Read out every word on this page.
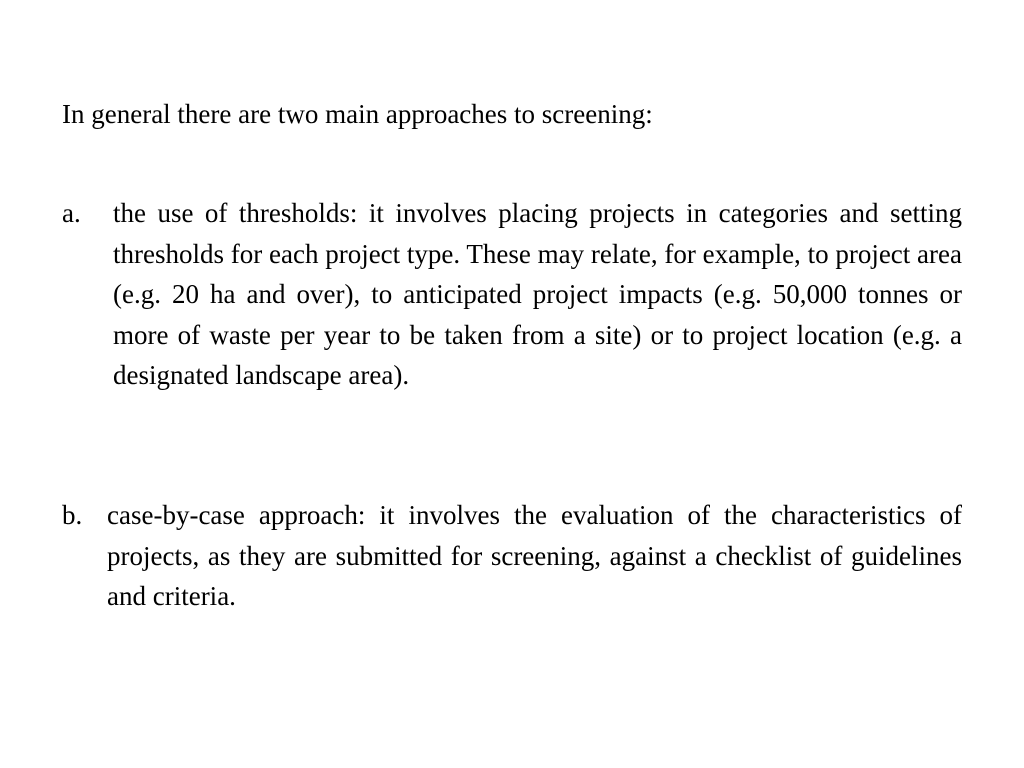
In general there are two main approaches to screening:

a. the use of thresholds: it involves placing projects in categories and setting thresholds for each project type. These may relate, for example, to project area (e.g. 20 ha and over), to anticipated project impacts (e.g. 50,000 tonnes or more of waste per year to be taken from a site) or to project location (e.g. a designated landscape area).
b. case-by-case approach: it involves the evaluation of the characteristics of projects, as they are submitted for screening, against a checklist of guidelines and criteria.
